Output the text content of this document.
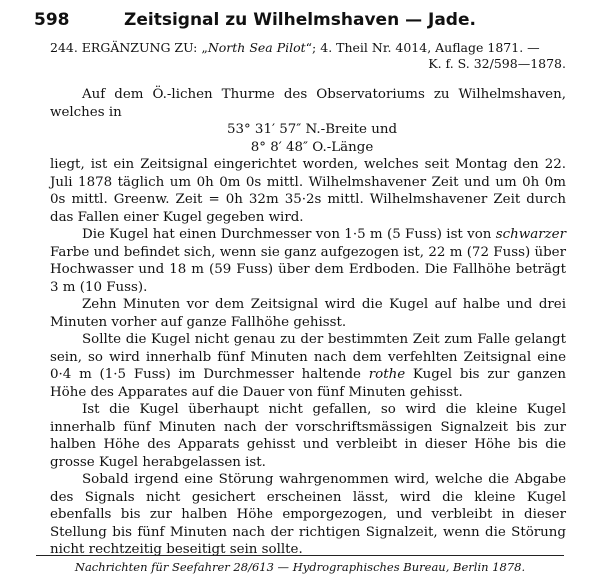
598	Zeitsignal zu Wilhelmshaven — Jade.
244. ERGÄNZUNG ZU: „North Sea Pilot“; 4. Theil Nr. 4014, Auflage 1871. —
K. f. S. 32/598—1878.

Auf dem Ö.-lichen Thurme des Observatoriums zu Wilhelmshaven, welches in

53° 31′ 57″ N.-Breite und
8° 8′ 48″ O.-Länge

liegt, ist ein Zeitsignal eingerichtet worden, welches seit Montag den 22. Juli 1878 täglich um 0h 0m 0s mittl. Wilhelmshavener Zeit und um 0h 0m 0s mittl. Greenw. Zeit = 0h 32m 35·2s mittl. Wilhelmshavener Zeit durch das Fallen einer Kugel gegeben wird.

Die Kugel hat einen Durchmesser von 1·5 m (5 Fuss) ist von schwarzer Farbe und befindet sich, wenn sie ganz aufgezogen ist, 22 m (72 Fuss) über Hochwasser und 18 m (59 Fuss) über dem Erdboden. Die Fallhöhe beträgt 3 m (10 Fuss).

Zehn Minuten vor dem Zeitsignal wird die Kugel auf halbe und drei Minuten vorher auf ganze Fallhöhe gehisst.

Sollte die Kugel nicht genau zu der bestimmten Zeit zum Falle gelangt sein, so wird innerhalb fünf Minuten nach dem verfehlten Zeitsignal eine 0·4 m (1·5 Fuss) im Durchmesser haltende rothe Kugel bis zur ganzen Höhe des Apparates auf die Dauer von fünf Minuten gehisst.

Ist die Kugel überhaupt nicht gefallen, so wird die kleine Kugel innerhalb fünf Minuten nach der vorschriftsmässigen Signalzeit bis zur halben Höhe des Apparats gehisst und verbleibt in dieser Höhe bis die grosse Kugel herabgelassen ist.

Sobald irgend eine Störung wahrgenommen wird, welche die Abgabe des Signals nicht gesichert erscheinen lässt, wird die kleine Kugel ebenfalls bis zur halben Höhe emporgezogen, und verbleibt in dieser Stellung bis fünf Minuten nach der richtigen Signalzeit, wenn die Störung nicht rechtzeitig beseitigt sein sollte.

Nachrichten für Seefahrer 28/613 — Hydrographisches Bureau, Berlin 1878.
